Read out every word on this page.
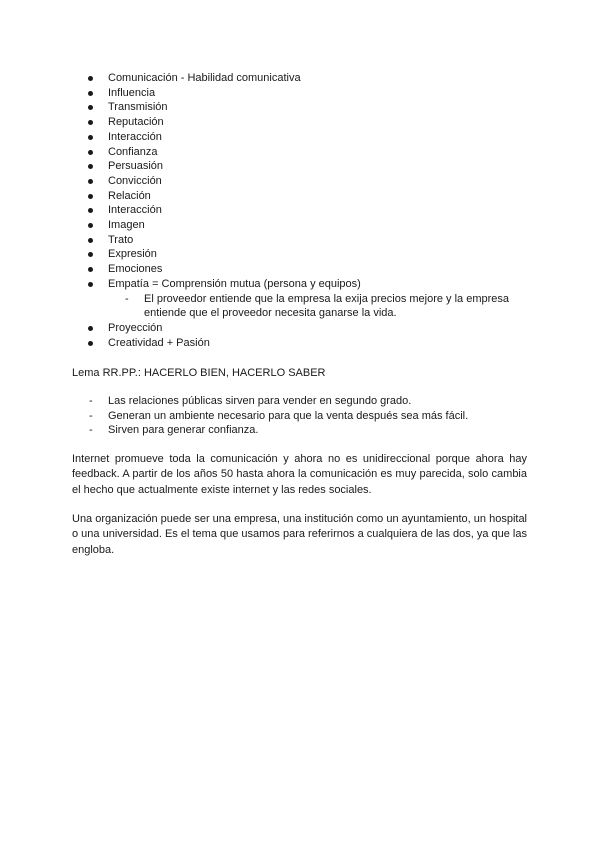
Comunicación - Habilidad comunicativa
Influencia
Transmisión
Reputación
Interacción
Confianza
Persuasión
Convicción
Relación
Interacción
Imagen
Trato
Expresión
Emociones
Empatía = Comprensión mutua (persona y equipos)
- El proveedor entiende que la empresa la exija precios mejore y la empresa entiende que el proveedor necesita ganarse la vida.
Proyección
Creatividad + Pasión
Lema RR.PP.: HACERLO BIEN, HACERLO SABER
- Las relaciones públicas sirven para vender en segundo grado.
- Generan un ambiente necesario para que la venta después sea más fácil.
- Sirven para generar confianza.

Internet promueve toda la comunicación y ahora no es unidireccional porque ahora hay feedback. A partir de los años 50 hasta ahora la comunicación es muy parecida, solo cambia el hecho que actualmente existe internet y las redes sociales.

Una organización puede ser una empresa, una institución como un ayuntamiento, un hospital o una universidad. Es el tema que usamos para referirnos a cualquiera de las dos, ya que las engloba.
